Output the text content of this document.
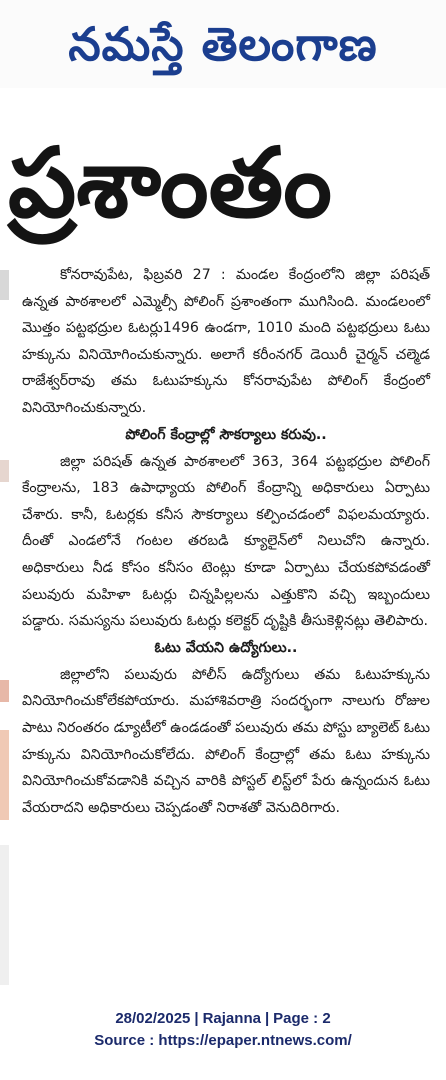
నమస్తే తెలంగాణ
ప్రశాంతం

కోనరావుపేట, ఫిబ్రవరి 27 : మండల కేంద్రంలోని జిల్లా పరిషత్ ఉన్నత పాఠశాలలో ఎమ్మెల్సీ పోలింగ్ ప్రశాంతంగా ముగిసింది. మండలంలో మొత్తం పట్టభద్రుల ఓటర్లు1496 ఉండగా, 1010 మంది పట్టభద్రులు ఓటు హక్కును వినియోగించుకున్నారు. అలాగే కరీంనగర్ డెయిరీ చైర్మన్ చల్మెడ రాజేశ్వర్‌రావు తమ ఓటుహక్కును కోనరావుపేట పోలింగ్ కేంద్రంలో వినియోగించుకున్నారు.

పోలింగ్ కేంద్రాల్లో సౌకర్యాలు కరువు..

జిల్లా పరిషత్ ఉన్నత పాఠశాలలో 363, 364 పట్టభద్రుల పోలింగ్ కేంద్రాలను, 183 ఉపాధ్యాయ పోలింగ్ కేంద్రాన్ని అధికారులు ఏర్పాటు చేశారు. కానీ, ఓటర్లకు కనీస సౌకర్యాలు కల్పించడంలో విఫలమయ్యారు. దీంతో ఎండలోనే గంటల తరబడి క్యూలైన్‌లో నిలుచోని ఉన్నారు. అధికారులు నీడ కోసం కనీసం టెంట్లు కూడా ఏర్పాటు చేయకపోవడంతో పలువురు మహిళా ఓటర్లు చిన్నపిల్లలను ఎత్తుకొని వచ్చి ఇబ్బందులు పడ్డారు. సమస్యను పలువురు ఓటర్లు కలెక్టర్ దృష్టికి తీసుకెళ్లినట్లు తెలిపారు.

ఓటు వేయని ఉద్యోగులు..

జిల్లాలోని పలువురు పోలీస్ ఉద్యోగులు తమ ఓటుహక్కును వినియోగించుకోలేకపోయారు. మహాశివరాత్రి సందర్భంగా నాలుగు రోజుల పాటు నిరంతరం డ్యూటీలో ఉండడంతో పలువురు తమ పోస్టు బ్యాలెట్ ఓటు హక్కును వినియోగించుకోలేదు. పోలింగ్ కేంద్రాల్లో తమ ఓటు హక్కును వినియోగించుకోవడానికి వచ్చిన వారికి పోస్టల్ లిస్ట్‌లో పేరు ఉన్నందున ఓటు వేయరాదని అధికారులు చెప్పడంతో నిరాశతో వెనుదిరిగారు.

28/02/2025 | Rajanna | Page : 2
Source : https://epaper.ntnews.com/
